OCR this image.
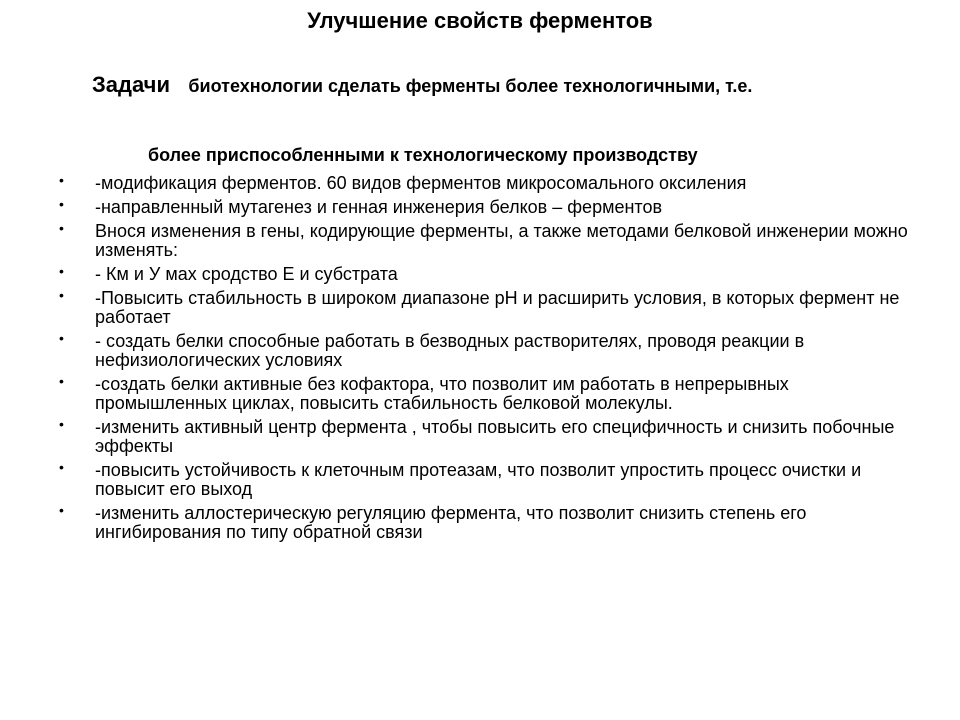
Улучшение свойств ферментов
Задачи биотехнологии сделать ферменты более технологичными, т.е.
более приспособленными к технологическому производству
• -модификация ферментов. 60 видов ферментов микросомального оксиления
• -направленный мутагенез и генная инженерия белков – ферментов
• Вноcя изменения в гены, кодирующие ферменты, а также методами белковой инженерии можно изменять:
• - Км и У мах сродство Е и субстрата
• -Повысить стабильность в широком диапазоне рН и расширить условия, в которых фермент не работает
• - создать белки способные работать в безводных растворителях, проводя реакции в нефизиологических условиях
• -создать белки активные без кофактора, что позволит им работать в непрерывных промышленных циклах, повысить стабильность белковой молекулы.
• -изменить активный центр фермента , чтобы повысить его специфичность и снизить побочные эффекты
• -повысить устойчивость к клеточным протеазам, что позволит упростить процесс очистки и повысит его выход
• -изменить аллостерическую регуляцию фермента, что позволит снизить степень его ингибирования по типу обратной связи
